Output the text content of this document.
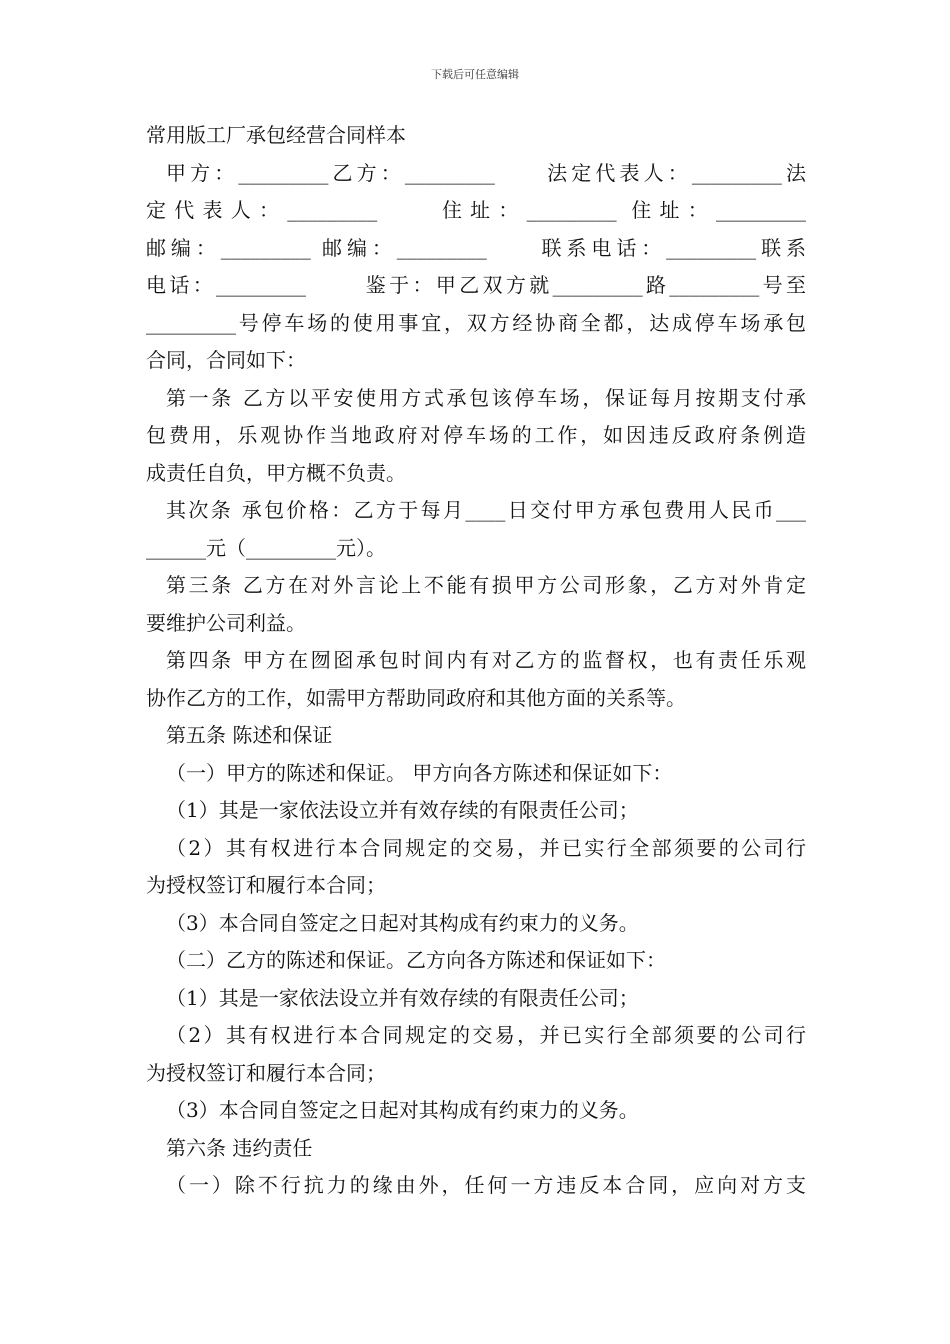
下载后可任意编辑
常用版工厂承包经营合同样本
甲方：_________乙方：_________　　法定代表人：_________法
定代表人：_________　　住址：_________ 住址：_________
邮编：_________ 邮编：_________　　联系电话：_________联系
电话：_________　　 鉴于：甲乙双方就_________路_________号至
_________号停车场的使用事宜，双方经协商全都，达成停车场承包
合同，合同如下：
第一条 乙方以平安使用方式承包该停车场，保证每月按期支付承
包费用，乐观协作当地政府对停车场的工作，如因违反政府条例造
成责任自负，甲方概不负责。
其次条 承包价格：乙方于每月____日交付甲方承包费用人民币___
______元（_________元）。
第三条 乙方在对外言论上不能有损甲方公司形象，乙方对外肯定
要维护公司利益。
第四条 甲方在囫囵承包时间内有对乙方的监督权，也有责任乐观
协作乙方的工作，如需甲方帮助同政府和其他方面的关系等。
第五条 陈述和保证
（一）甲方的陈述和保证。 甲方向各方陈述和保证如下：
（1）其是一家依法设立并有效存续的有限责任公司；
（2）其有权进行本合同规定的交易，并已实行全部须要的公司行
为授权签订和履行本合同；
（3）本合同自签定之日起对其构成有约束力的义务。
（二）乙方的陈述和保证。乙方向各方陈述和保证如下：
（1）其是一家依法设立并有效存续的有限责任公司；
（2）其有权进行本合同规定的交易，并已实行全部须要的公司行
为授权签订和履行本合同；
（3）本合同自签定之日起对其构成有约束力的义务。
第六条 违约责任
（一）除不行抗力的缘由外，任何一方违反本合同，应向对方支
